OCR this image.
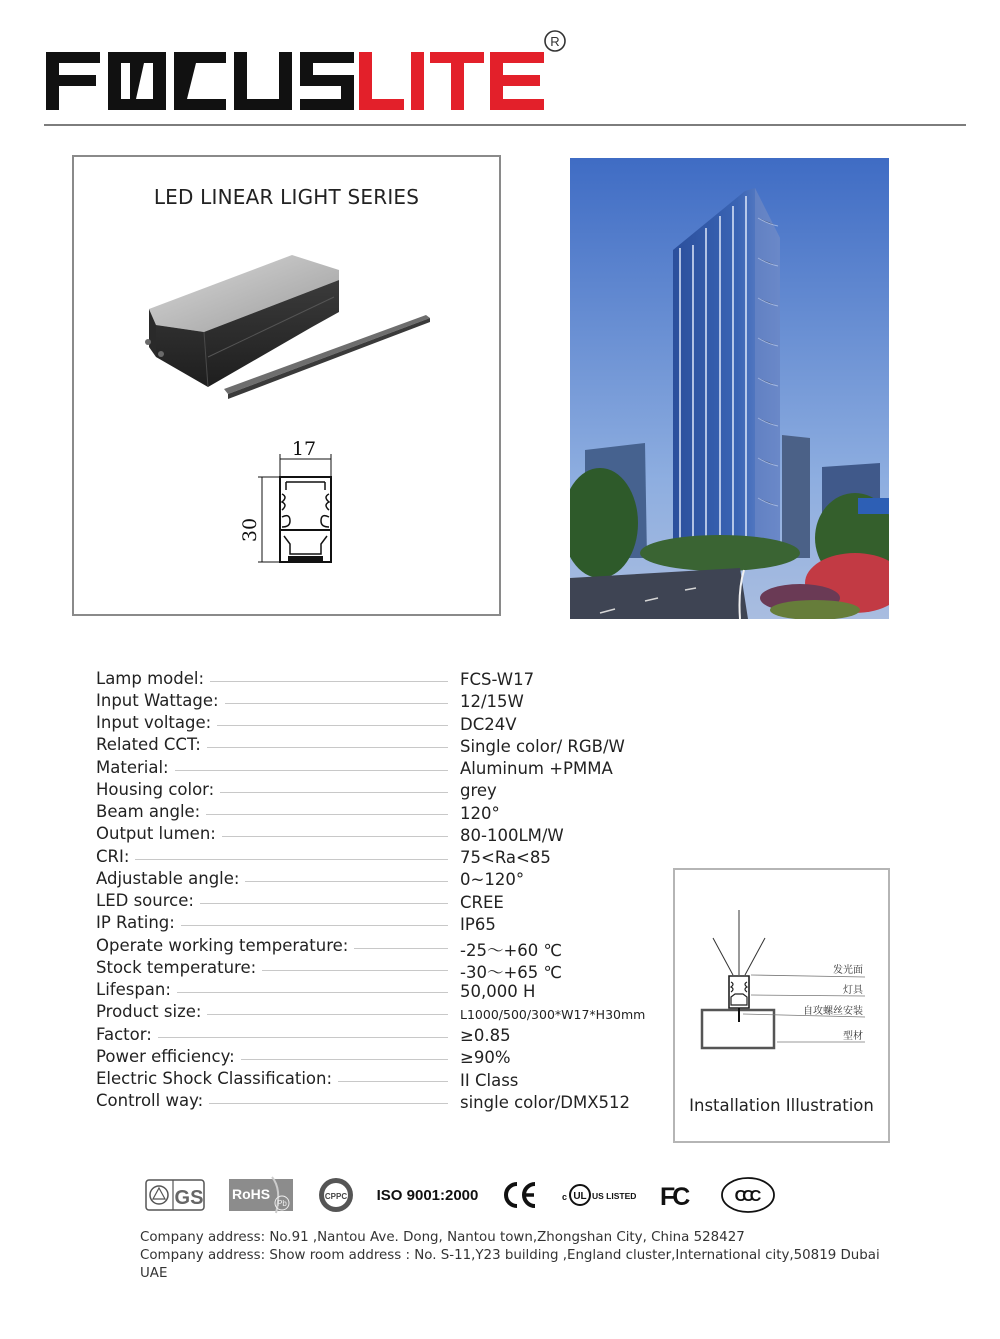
R
LED LINEAR LIGHT SERIES
17
30
Lamp model:	FCS-W17
Input Wattage:	12/15W
Input voltage:	DC24V
Related CCT:	Single color/ RGB/W
Material:	Aluminum +PMMA
Housing color:	grey
Beam angle:	120°
Output lumen:	80-100LM/W
CRI:	75<Ra<85
Adjustable angle:	0~120°
LED source:	CREE
IP Rating:	IP65
Operate working temperature:	-25～+60 ℃
Stock temperature:	-30～+65 ℃
Lifespan:	50,000 H
Product size:	L1000/500/300*W17*H30mm
Factor:	≥0.85
Power efficiency:	≥90%
Electric Shock Classification:	II Class
Controll way:	single color/DMX512
发光面
灯具
自攻螺丝安装
型材
Installation Illustration
GS RoHS
Pb
CPPC ISO 9001:2000	c UL US LISTED FC	CCC
Company address: No.91 ,Nantou Ave. Dong, Nantou town,Zhongshan City, China 528427
Company address: Show room address : No. S-11,Y23 building ,England cluster,International city,50819 Dubai UAE
